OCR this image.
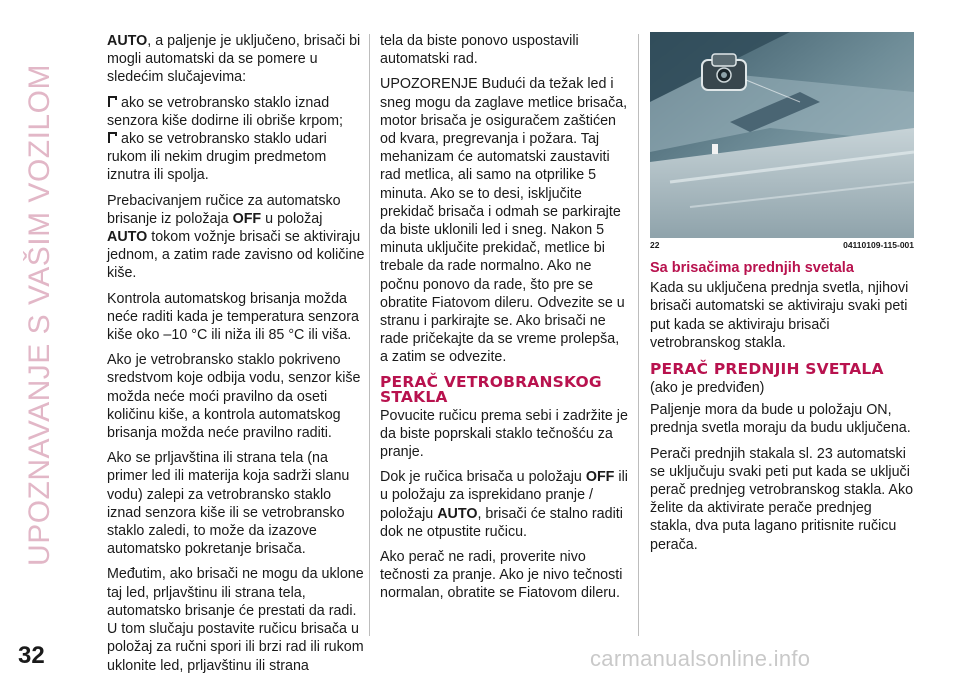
UPOZNAVANJE S VAŠIM VOZILOM
32

AUTO, a paljenje je uključeno, brisači bi mogli automatski da se pomere u sledećim slučajevima:

ako se vetrobransko staklo iznad senzora kiše dodirne ili obriše krpom;

ako se vetrobransko staklo udari rukom ili nekim drugim predmetom iznutra ili spolja.

Prebacivanjem ručice za automatsko brisanje iz položaja OFF u položaj AUTO tokom vožnje brisači se aktiviraju jednom, a zatim rade zavisno od količine kiše.

Kontrola automatskog brisanja možda neće raditi kada je temperatura senzora kiše oko –10 °C ili niža ili 85 °C ili viša.

Ako je vetrobransko staklo pokriveno sredstvom koje odbija vodu, senzor kiše možda neće moći pravilno da oseti količinu kiše, a kontrola automatskog brisanja možda neće pravilno raditi.

Ako se prljavština ili strana tela (na primer led ili materija koja sadrži slanu vodu) zalepi za vetrobransko staklo iznad senzora kiše ili se vetrobransko staklo zaledi, to može da izazove automatsko pokretanje brisača.

Međutim, ako brisači ne mogu da uklone taj led, prljavštinu ili strana tela, automatsko brisanje će prestati da radi. U tom slučaju postavite ručicu brisača u položaj za ručni spori ili brzi rad ili rukom uklonite led, prljavštinu ili strana

tela da biste ponovo uspostavili automatski rad.

UPOZORENJE Budući da težak led i sneg mogu da zaglave metlice brisača, motor brisača je osiguračem zaštićen od kvara, pregrevanja i požara. Taj mehanizam će automatski zaustaviti rad metlica, ali samo na otprilike 5 minuta. Ako se to desi, isključite prekidač brisača i odmah se parkirajte da biste uklonili led i sneg. Nakon 5 minuta uključite prekidač, metlice bi trebale da rade normalno. Ako ne počnu ponovo da rade, što pre se obratite Fiatovom dileru. Odvezite se u stranu i parkirajte se. Ako brisači ne rade pričekajte da se vreme prolepša, a zatim se odvezite.

PERAČ VETROBRANSKOG STAKLA

Povucite ručicu prema sebi i zadržite je da biste poprskali staklo tečnošću za pranje.

Dok je ručica brisača u položaju OFF ili u položaju za isprekidano pranje / položaju AUTO, brisači će stalno raditi dok ne otpustite ručicu.

Ako perač ne radi, proverite nivo tečnosti za pranje. Ako je nivo tečnosti normalan, obratite se Fiatovom dileru.

22	04110109-115-001
Sa brisačima prednjih svetala

Kada su uključena prednja svetla, njihovi brisači automatski se aktiviraju svaki peti put kada se aktiviraju brisači vetrobranskog stakla.

PERAČ PREDNJIH SVETALA

(ako je predviđen)

Paljenje mora da bude u položaju ON, prednja svetla moraju da budu uključena.

Perači prednjih stakala sl. 23 automatski se uključuju svaki peti put kada se uključi perač prednjeg vetrobranskog stakla. Ako želite da aktivirate perače prednjeg stakla, dva puta lagano pritisnite ručicu perača.

carmanualsonline.info
